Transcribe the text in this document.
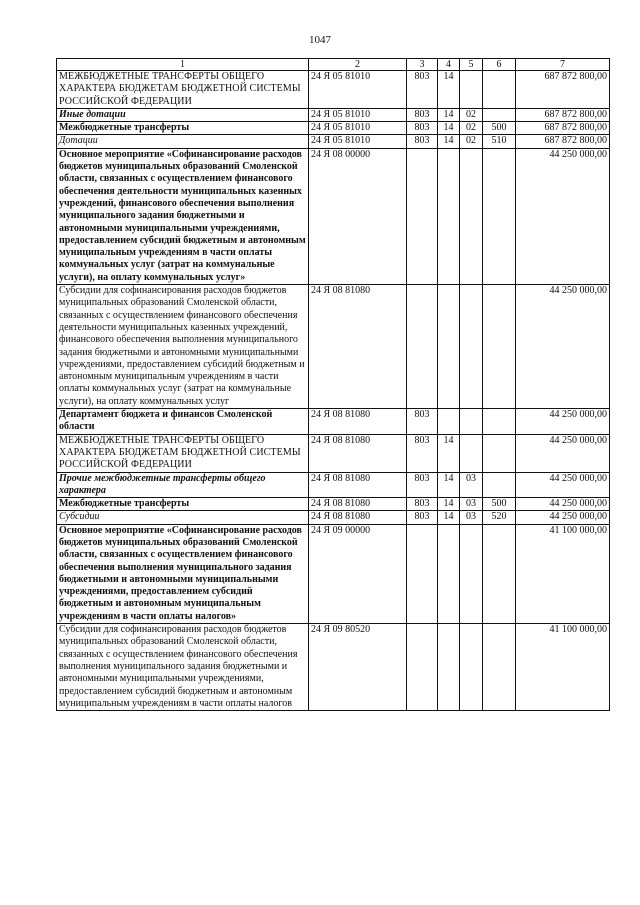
1047
1	2	3	4	5	6	7
МЕЖБЮДЖЕТНЫЕ ТРАНСФЕРТЫ ОБЩЕГО ХАРАКТЕРА БЮДЖЕТАМ БЮДЖЕТНОЙ СИСТЕМЫ РОССИЙСКОЙ ФЕДЕРАЦИИ	24 Я 05 81010	803	14			687 872 800,00
Иные дотации	24 Я 05 81010	803	14	02		687 872 800,00
Межбюджетные трансферты	24 Я 05 81010	803	14	02	500	687 872 800,00
Дотации	24 Я 05 81010	803	14	02	510	687 872 800,00
Основное мероприятие «Софинансирование расходов бюджетов муниципальных образований Смоленской области, связанных с осуществлением финансового обеспечения деятельности муниципальных казенных учреждений, финансового обеспечения выполнения муниципального задания бюджетными и автономными муниципальными учреждениями, предоставлением субсидий бюджетным и автономным муниципальным учреждениям в части оплаты коммунальных услуг (затрат на коммунальные услуги), на оплату коммунальных услуг»	24 Я 08 00000					44 250 000,00
Субсидии для софинансирования расходов бюджетов муниципальных образований Смоленской области, связанных с осуществлением финансового обеспечения деятельности муниципальных казенных учреждений, финансового обеспечения выполнения муниципального задания бюджетными и автономными муниципальными учреждениями, предоставлением субсидий бюджетным и автономным муниципальным учреждениям в части оплаты коммунальных услуг (затрат на коммунальные услуги), на оплату коммунальных услуг	24 Я 08 81080					44 250 000,00
Департамент бюджета и финансов Смоленской области	24 Я 08 81080	803				44 250 000,00
МЕЖБЮДЖЕТНЫЕ ТРАНСФЕРТЫ ОБЩЕГО ХАРАКТЕРА БЮДЖЕТАМ БЮДЖЕТНОЙ СИСТЕМЫ РОССИЙСКОЙ ФЕДЕРАЦИИ	24 Я 08 81080	803	14			44 250 000,00
Прочие межбюджетные трансферты общего характера	24 Я 08 81080	803	14	03		44 250 000,00
Межбюджетные трансферты	24 Я 08 81080	803	14	03	500	44 250 000,00
Субсидии	24 Я 08 81080	803	14	03	520	44 250 000,00
Основное мероприятие «Софинансирование расходов бюджетов муниципальных образований Смоленской области, связанных с осуществлением финансового обеспечения выполнения муниципального задания бюджетными и автономными муниципальными учреждениями, предоставлением субсидий бюджетным и автономным муниципальным учреждениям в части оплаты налогов»	24 Я 09 00000					41 100 000,00
Субсидии для софинансирования расходов бюджетов муниципальных образований Смоленской области, связанных с осуществлением финансового обеспечения выполнения муниципального задания бюджетными и автономными муниципальными учреждениями, предоставлением субсидий бюджетным и автономным муниципальным учреждениям в части оплаты налогов	24 Я 09 80520					41 100 000,00
